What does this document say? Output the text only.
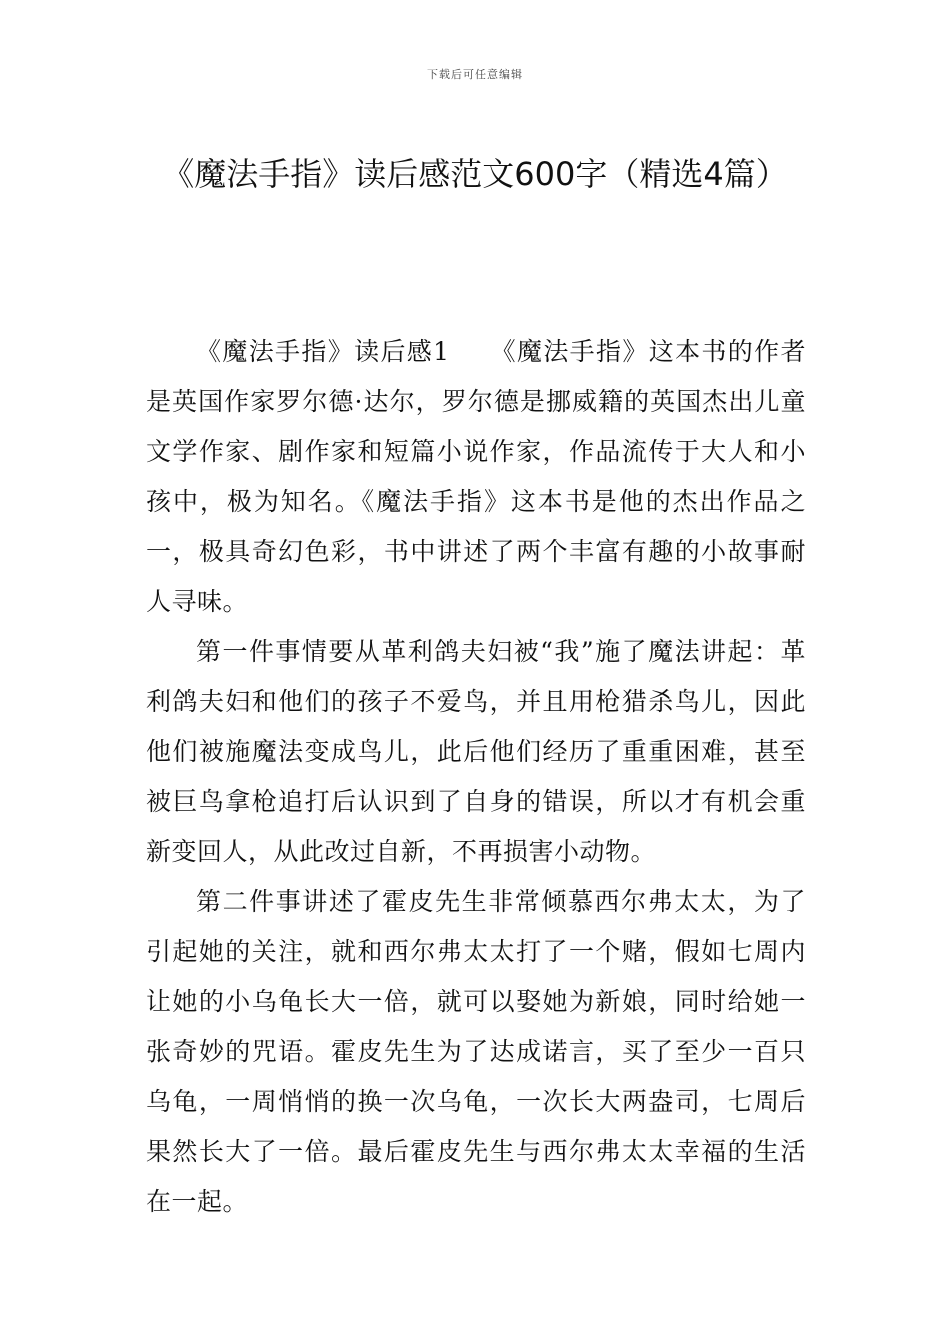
下载后可任意编辑
《魔法手指》读后感范文600字（精选4篇）

《魔法手指》读后感1　　《魔法手指》这本书的作者是英国作家罗尔德·达尔，罗尔德是挪威籍的英国杰出儿童文学作家、剧作家和短篇小说作家，作品流传于大人和小孩中，极为知名。《魔法手指》这本书是他的杰出作品之一，极具奇幻色彩，书中讲述了两个丰富有趣的小故事耐人寻味。

第一件事情要从革利鸽夫妇被“我”施了魔法讲起：革利鸽夫妇和他们的孩子不爱鸟，并且用枪猎杀鸟儿，因此他们被施魔法变成鸟儿，此后他们经历了重重困难，甚至被巨鸟拿枪追打后认识到了自身的错误，所以才有机会重新变回人，从此改过自新，不再损害小动物。

第二件事讲述了霍皮先生非常倾慕西尔弗太太，为了引起她的关注，就和西尔弗太太打了一个赌，假如七周内让她的小乌龟长大一倍，就可以娶她为新娘，同时给她一张奇妙的咒语。霍皮先生为了达成诺言，买了至少一百只乌龟，一周悄悄的换一次乌龟，一次长大两盎司，七周后果然长大了一倍。最后霍皮先生与西尔弗太太幸福的生活在一起。
